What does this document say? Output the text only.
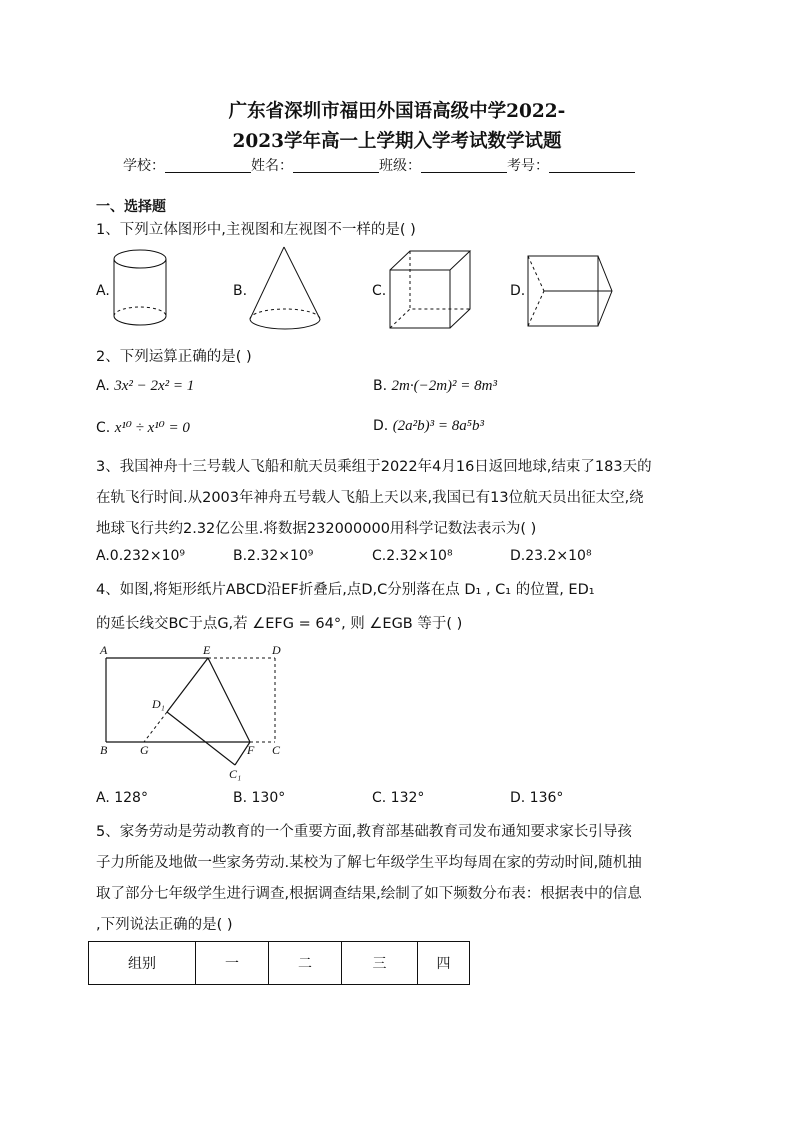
广东省深圳市福田外国语高级中学2022-
2023学年高一上学期入学考试数学试题
学校：	姓名：	班级：	考号：
一、选择题
1、下列立体图形中,主视图和左视图不一样的是( )
A.	B.	C.	D.
2、下列运算正确的是( )
A. 3x² − 2x² = 1	B. 2m·(−2m)² = 8m³
C. x¹⁰ ÷ x¹⁰ = 0	D. (2a²b)³ = 8a⁵b³
3、我国神舟十三号载人飞船和航天员乘组于2022年4月16日返回地球,结束了183天的
在轨飞行时间.从2003年神舟五号载人飞船上天以来,我国已有13位航天员出征太空,绕
地球飞行共约2.32亿公里.将数据232000000用科学记数法表示为( )
A.0.232×10⁹	B.2.32×10⁹	C.2.32×10⁸	D.23.2×10⁸
4、如图,将矩形纸片ABCD沿EF折叠后,点D,C分别落在点 D₁ , C₁ 的位置, ED₁
的延长线交BC于点G,若 ∠EFG = 64°, 则 ∠EGB 等于( )
A	E	D
D₁
B	G	F C
C₁
A. 128°	B. 130°	C. 132°	D. 136°
5、家务劳动是劳动教育的一个重要方面,教育部基础教育司发布通知要求家长引导孩
子力所能及地做一些家务劳动.某校为了解七年级学生平均每周在家的劳动时间,随机抽
取了部分七年级学生进行调查,根据调查结果,绘制了如下频数分布表：根据表中的信息
,下列说法正确的是( )
组别	一	二	三	四
